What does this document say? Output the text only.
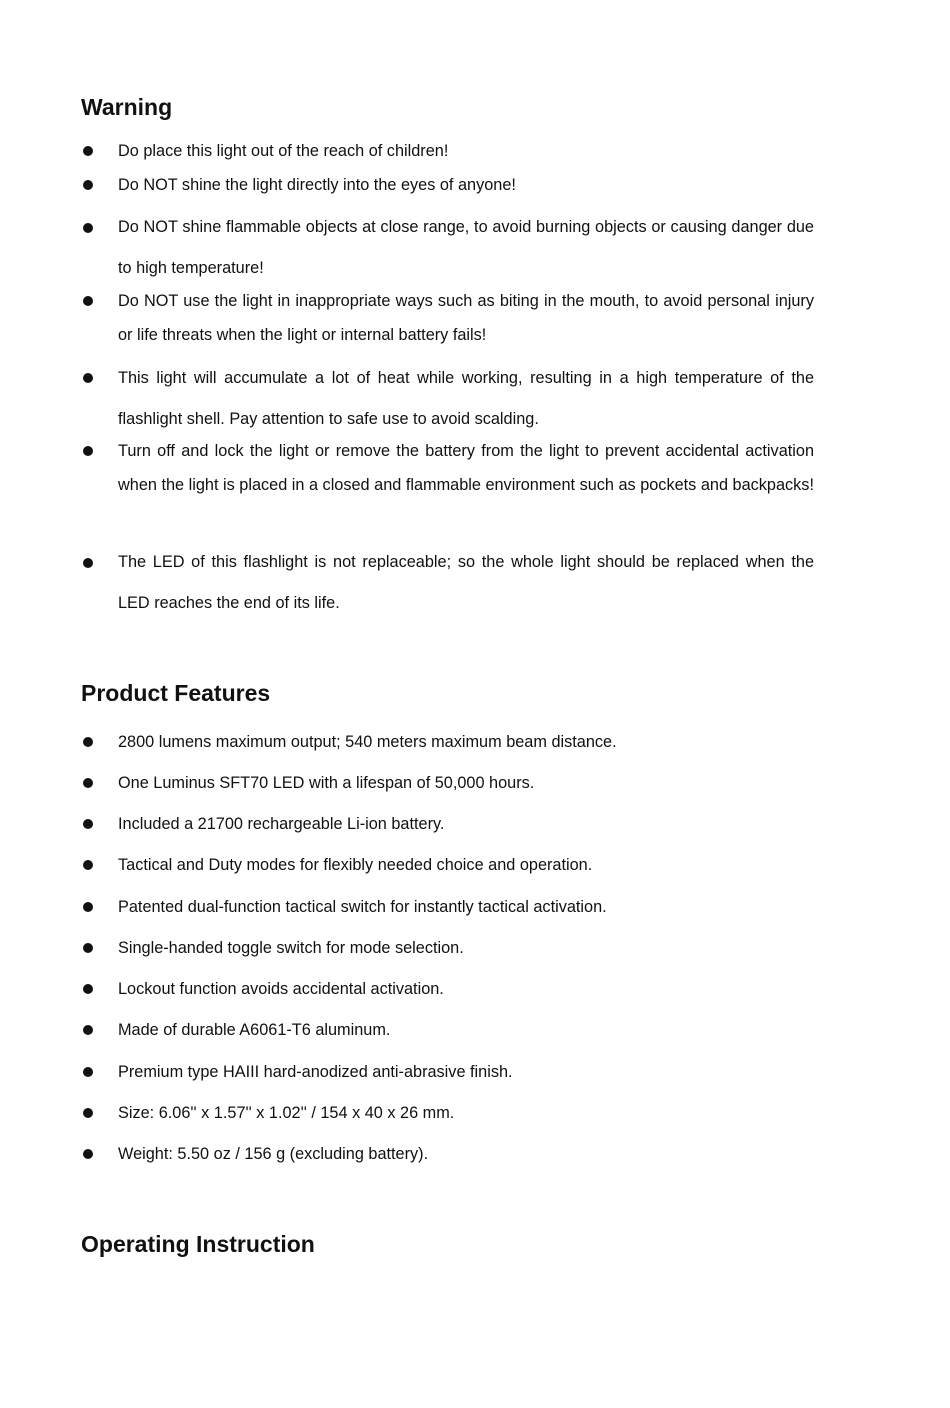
Warning
Do place this light out of the reach of children!
Do NOT shine the light directly into the eyes of anyone!
Do NOT shine flammable objects at close range, to avoid burning objects or causing danger due to high temperature!
Do NOT use the light in inappropriate ways such as biting in the mouth, to avoid personal injury or life threats when the light or internal battery fails!
This light will accumulate a lot of heat while working, resulting in a high temperature of the flashlight shell. Pay attention to safe use to avoid scalding.
Turn off and lock the light or remove the battery from the light to prevent accidental activation when the light is placed in a closed and flammable environment such as pockets and backpacks!
The LED of this flashlight is not replaceable; so the whole light should be replaced when the LED reaches the end of its life.
Product Features
2800 lumens maximum output; 540 meters maximum beam distance.
One Luminus SFT70 LED with a lifespan of 50,000 hours.
Included a 21700 rechargeable Li-ion battery.
Tactical and Duty modes for flexibly needed choice and operation.
Patented dual-function tactical switch for instantly tactical activation.
Single-handed toggle switch for mode selection.
Lockout function avoids accidental activation.
Made of durable A6061-T6 aluminum.
Premium type HAIII hard-anodized anti-abrasive finish.
Size: 6.06'' x 1.57'' x 1.02'' / 154 x 40 x 26 mm.
Weight: 5.50 oz / 156 g (excluding battery).
Operating Instruction
